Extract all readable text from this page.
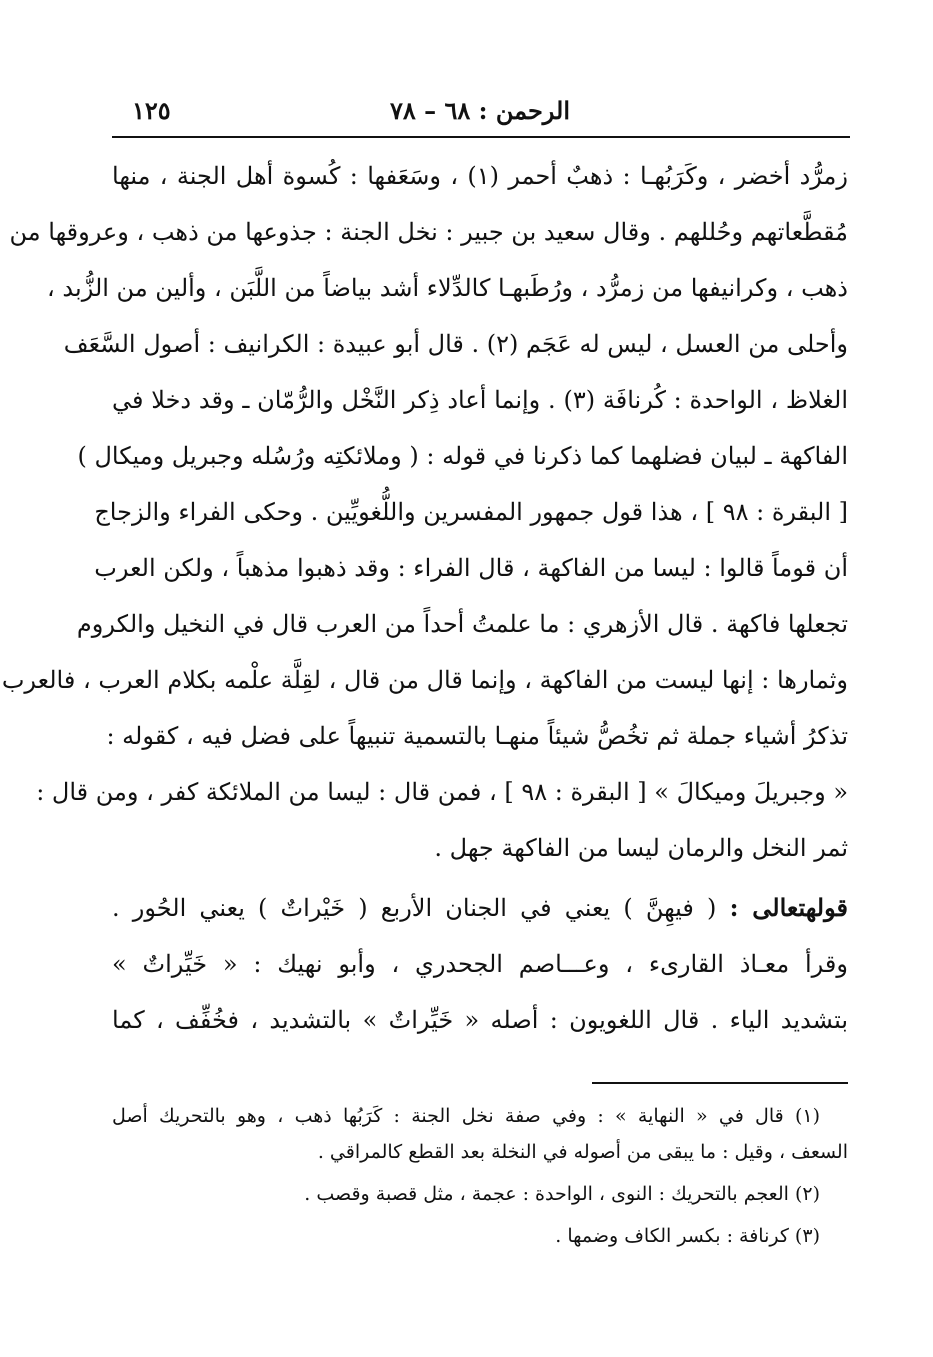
الرحمن : ٦٨ – ٧٨
١٢٥
زمرُّد أخضر ، وكَرَبُهـا : ذهبٌ أحمر (١) ، وسَعَفها : كُسوة أهل الجنة ، منها
مُقطَّعاتهم وحُللهم . وقال سعيد بن جبير : نخل الجنة : جذوعها من ذهب ، وعروقها من
ذهب ، وكرانيفها من زمرُّد ، ورُطَبهـا كالدِّلاء أشد بياضاً من اللَّبَن ، وألين من الزُّبد ،
وأحلى من العسل ، ليس له عَجَم (٢) . قال أبو عبيدة : الكرانيف : أصول السَّعَف
الغلاظ ، الواحدة : كُرنافَة (٣) . وإنما أعاد ذِكر النَّخْل والرُّمّان ـ وقد دخلا في
الفاكهة ـ لبيان فضلهما كما ذكرنا في قوله : ( وملائكتِه ورُسُله وجبريل وميكال )
[ البقرة : ٩٨ ] ، هذا قول جمهور المفسرين واللُّغويِّين . وحكى الفراء والزجاج
أن قوماً قالوا : ليسا من الفاكهة ، قال الفراء : وقد ذهبوا مذهباً ، ولكن العرب
تجعلها فاكهة . قال الأزهري : ما علمتُ أحداً من العرب قال في النخيل والكروم
وثمارها : إنها ليست من الفاكهة ، وإنما قال من قال ، لقِلَّة علْمه بكلام العرب ، فالعرب
تذكرُ أشياء جملة ثم تخُصُّ شيئاً منهـا بالتسمية تنبيهاً على فضل فيه ، كقوله :
« وجبريلَ وميكالَ » [ البقرة : ٩٨ ] ، فمن قال : ليسا من الملائكة كفر ، ومن قال :
ثمر النخل والرمان ليسا من الفاكهة جهل .
قولهتعالى : ( فيهِنَّ ) يعني في الجنان الأربع ( خَيْراتٌ ) يعني الحُور .
وقرأ معـاذ القارىء ، وعـــاصم الجحدري ، وأبو نهيك : « خَيِّراتٌ »
بتشديد الياء . قال اللغويون : أصله « خَيِّراتٌ » بالتشديد ، فخُفِّف ، كما
(١) قال في « النهاية » : وفي صفة نخل الجنة : كَرَبُها ذهب ، وهو بالتحريك أصل
السعف ، وقيل : ما يبقى من أصوله في النخلة بعد القطع كالمراقي .
(٢) العجم بالتحريك : النوى ، الواحدة : عجمة ، مثل قصبة وقصب .
(٣) كرنافة : بكسر الكاف وضمها .
